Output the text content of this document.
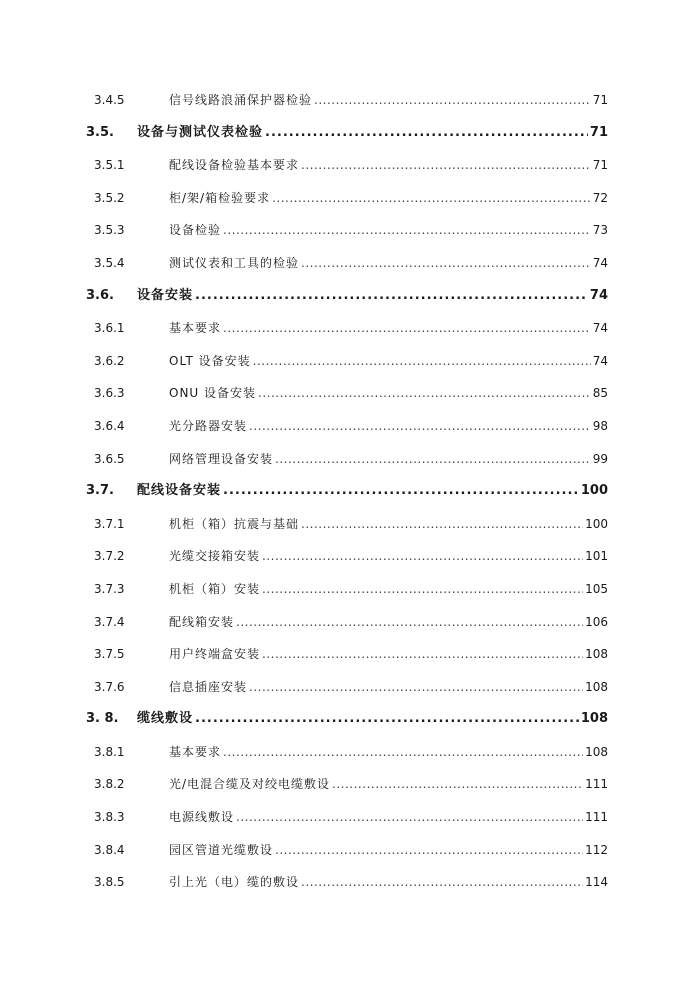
3.4.5	信号线路浪涌保护器检验 .....	71
3.5. 设备与测试仪表检验 .....	71
3.5.1	配线设备检验基本要求 .....	71
3.5.2	柜/架/箱检验要求 .....	72
3.5.3	设备检验 .....	73
3.5.4	测试仪表和工具的检验 .....	74
3.6. 设备安装 .....	74
3.6.1	基本要求 .....	74
3.6.2	OLT 设备安装 .....	74
3.6.3	ONU 设备安装 .....	85
3.6.4	光分路器安装 .....	98
3.6.5	网络管理设备安装 .....	99
3.7. 配线设备安装 .....	100
3.7.1	机柜（箱）抗震与基础 .....	100
3.7.2	光缆交接箱安装 .....	101
3.7.3	机柜（箱）安装 .....	105
3.7.4	配线箱安装 .....	106
3.7.5	用户终端盒安装 .....	108
3.7.6	信息插座安装 .....	108
3. 8. 缆线敷设 .....	108
3.8.1	基本要求 .....	108
3.8.2	光/电混合缆及对绞电缆敷设 .....	111
3.8.3	电源线敷设 .....	111
3.8.4	园区管道光缆敷设 .....	112
3.8.5	引上光（电）缆的敷设 .....	114
